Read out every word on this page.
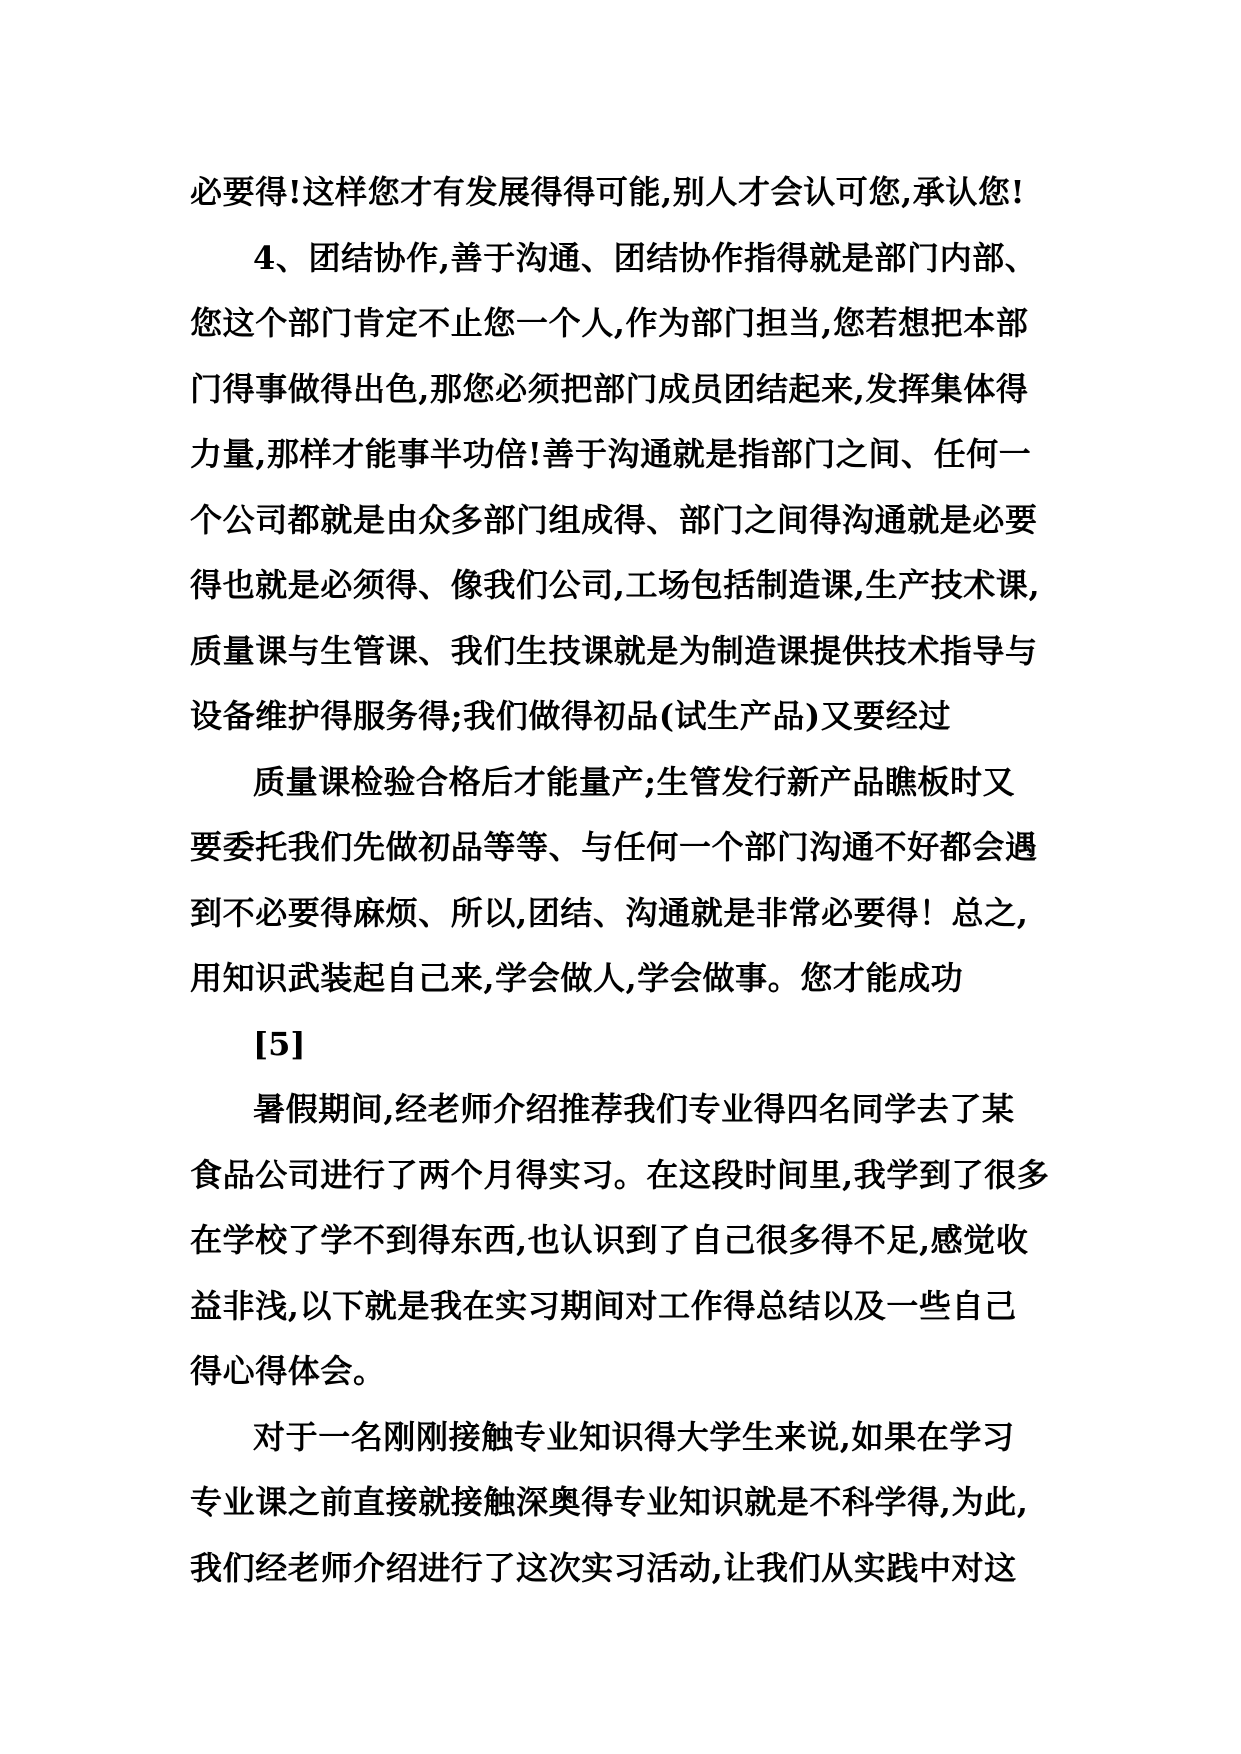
必要得!这样您才有发展得得可能,别人才会认可您,承认您!
4、团结协作,善于沟通、团结协作指得就是部门内部、
您这个部门肯定不止您一个人,作为部门担当,您若想把本部
门得事做得出色,那您必须把部门成员团结起来,发挥集体得
力量,那样才能事半功倍!善于沟通就是指部门之间、任何一
个公司都就是由众多部门组成得、部门之间得沟通就是必要
得也就是必须得、像我们公司,工场包括制造课,生产技术课,
质量课与生管课、我们生技课就是为制造课提供技术指导与
设备维护得服务得;我们做得初品(试生产品)又要经过
质量课检验合格后才能量产;生管发行新产品瞧板时又
要委托我们先做初品等等、与任何一个部门沟通不好都会遇
到不必要得麻烦、所以,团结、沟通就是非常必要得！总之,
用知识武装起自己来,学会做人,学会做事。您才能成功
[5]
暑假期间,经老师介绍推荐我们专业得四名同学去了某
食品公司进行了两个月得实习。在这段时间里,我学到了很多
在学校了学不到得东西,也认识到了自己很多得不足,感觉收
益非浅,以下就是我在实习期间对工作得总结以及一些自己
得心得体会。
对于一名刚刚接触专业知识得大学生来说,如果在学习
专业课之前直接就接触深奥得专业知识就是不科学得,为此,
我们经老师介绍进行了这次实习活动,让我们从实践中对这
